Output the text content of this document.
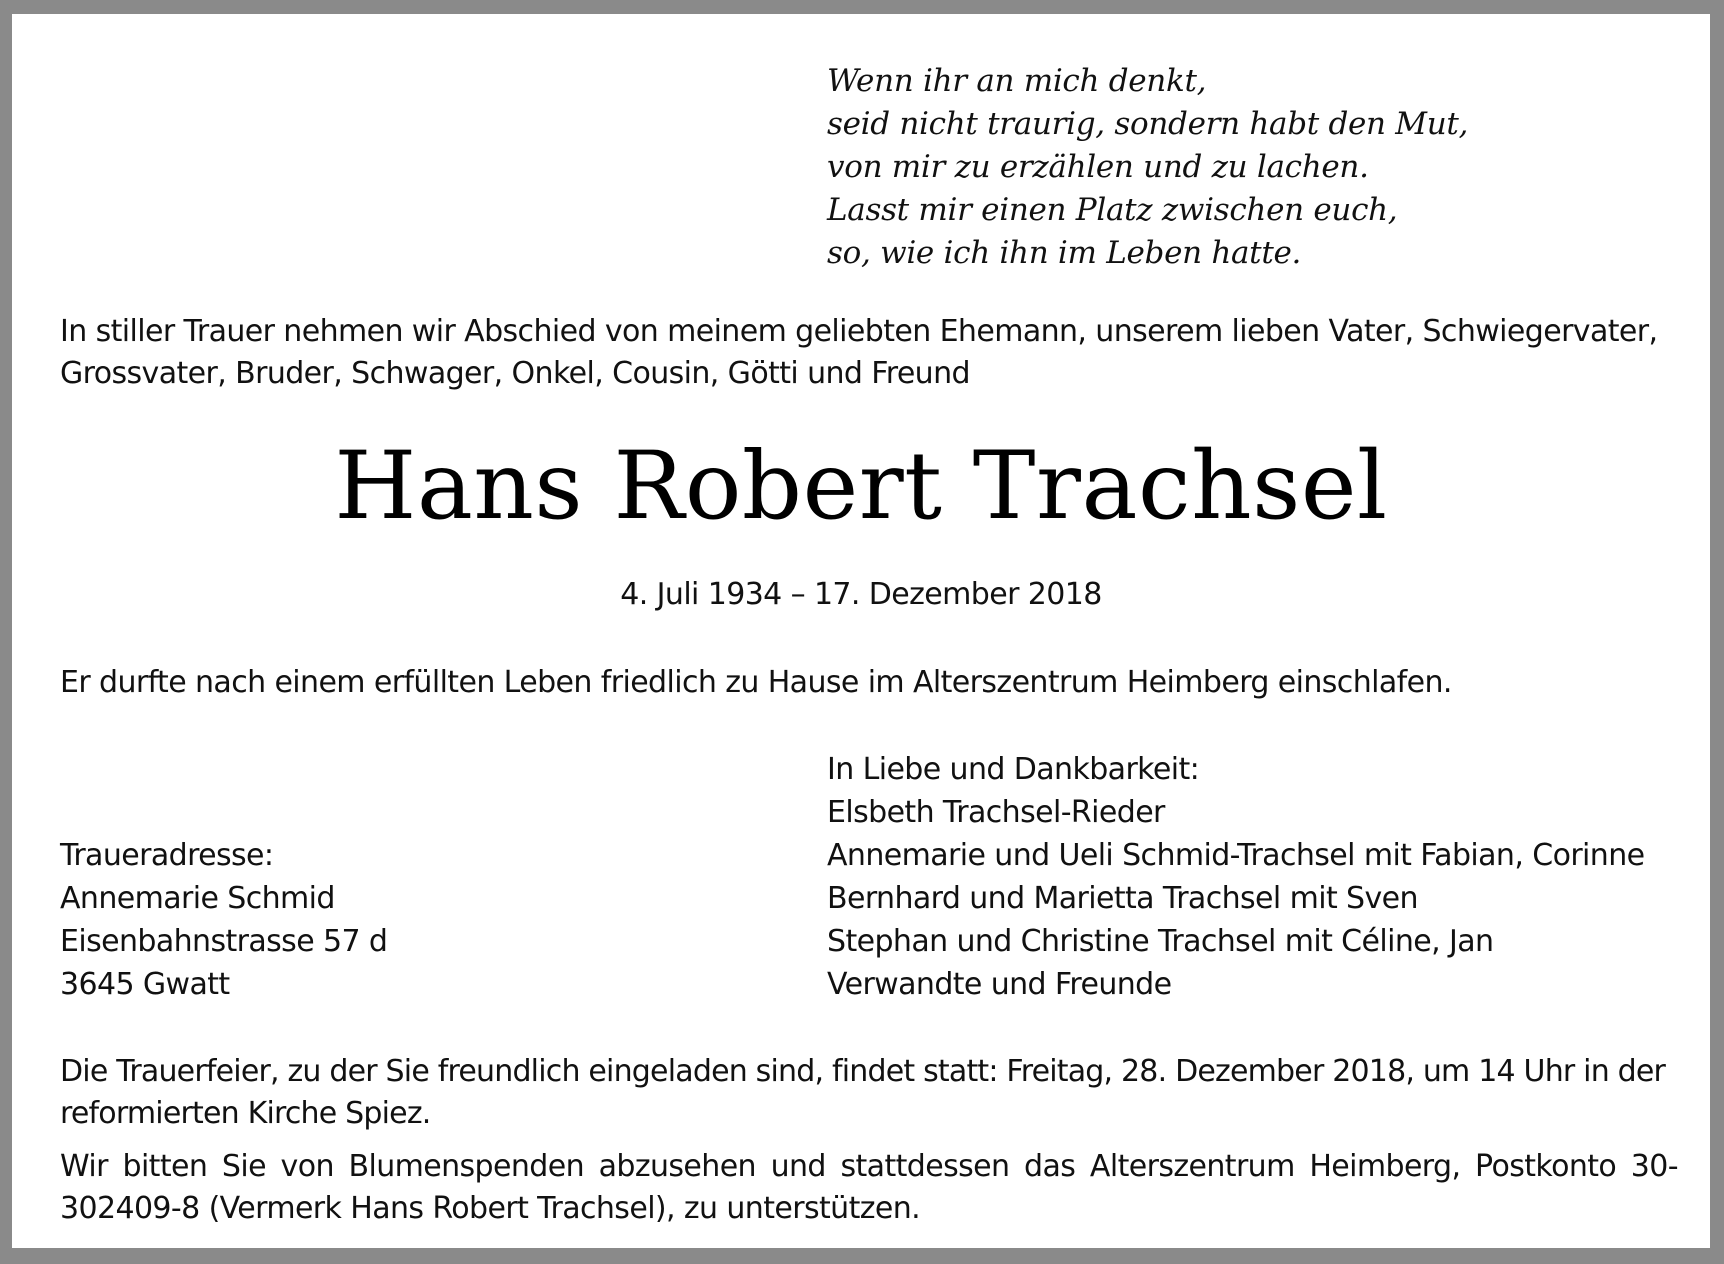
Wenn ihr an mich denkt,
seid nicht traurig, sondern habt den Mut,
von mir zu erzählen und zu lachen.
Lasst mir einen Platz zwischen euch,
so, wie ich ihn im Leben hatte.
In stiller Trauer nehmen wir Abschied von meinem geliebten Ehemann, unserem lieben Vater, Schwiegervater, Grossvater, Bruder, Schwager, Onkel, Cousin, Götti und Freund
Hans Robert Trachsel
4. Juli 1934 – 17. Dezember 2018
Er durfte nach einem erfüllten Leben friedlich zu Hause im Alterszentrum Heimberg einschlafen.
In Liebe und Dankbarkeit:
Elsbeth Trachsel-Rieder
Annemarie und Ueli Schmid-Trachsel mit Fabian, Corinne
Bernhard und Marietta Trachsel mit Sven
Stephan und Christine Trachsel mit Céline, Jan
Verwandte und Freunde
Traueradresse:
Annemarie Schmid
Eisenbahnstrasse 57 d
3645 Gwatt
Die Trauerfeier, zu der Sie freundlich eingeladen sind, findet statt: Freitag, 28. Dezember 2018, um 14 Uhr in der reformierten Kirche Spiez.
Wir bitten Sie von Blumenspenden abzusehen und stattdessen das Alterszentrum Heimberg, Postkonto 30-302409-8 (Vermerk Hans Robert Trachsel), zu unterstützen.
